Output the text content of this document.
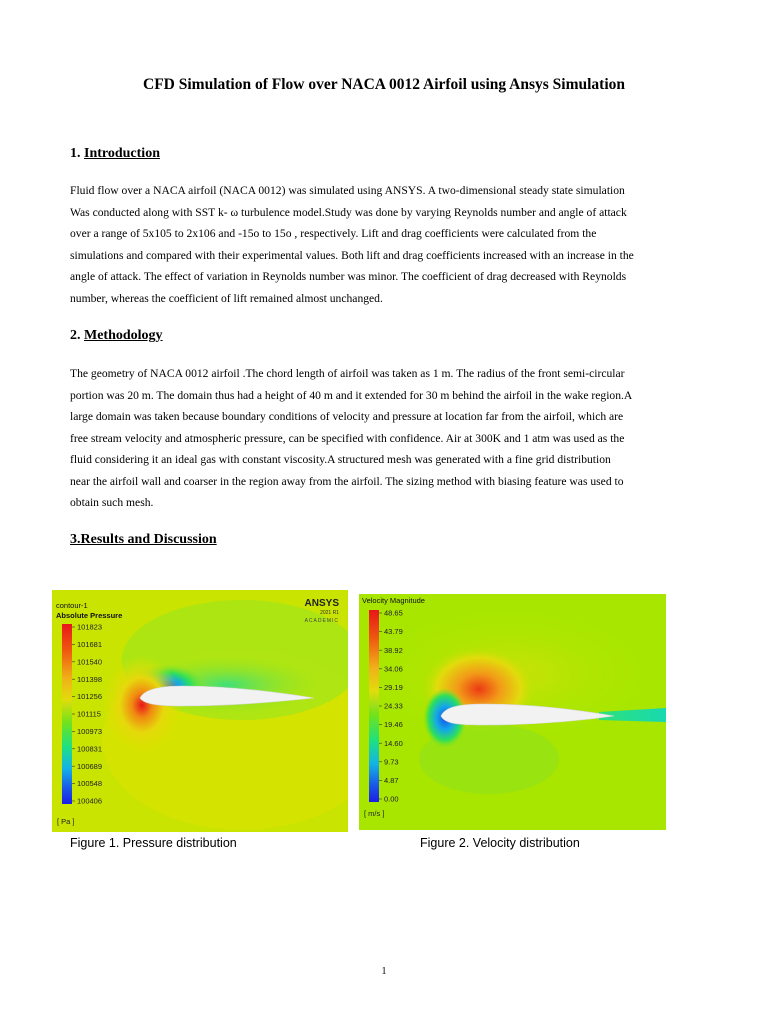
CFD Simulation of Flow over NACA 0012 Airfoil using Ansys Simulation
1. Introduction

Fluid flow over a NACA airfoil (NACA 0012) was simulated using ANSYS. A two-dimensional steady state simulation

Was conducted along with SST k- ω turbulence model.Study was done by varying Reynolds number and angle of attack

over a range of 5x105 to 2x106 and -15o to 15o , respectively. Lift and drag coefficients were calculated from the

simulations and compared with their experimental values. Both lift and drag coefficients increased with an increase in the

angle of attack. The effect of variation in Reynolds number was minor. The coefficient of drag decreased with Reynolds

number, whereas the coefficient of lift remained almost unchanged.

2. Methodology

The geometry of NACA 0012 airfoil .The chord length of airfoil was taken as 1 m. The radius of the front semi-circular

portion was 20 m. The domain thus had a height of 40 m and it extended for 30 m behind the airfoil in the wake region.A

large domain was taken because boundary conditions of velocity and pressure at location far from the airfoil, which are

free stream velocity and atmospheric pressure, can be specified with confidence. Air at 300K and 1 atm was used as the

fluid considering it an ideal gas with constant viscosity.A structured mesh was generated with a fine grid distribution

near the airfoil wall and coarser in the region away from the airfoil. The sizing method with biasing feature was used to

obtain such mesh.

3.Results and Discussion
101823
101681
101540
101398
101256
101115
100973
100831
100689
100548
100406
contour-1
Absolute Pressure
[ Pa ]
ANSYS
2021 R1
ACADEMIC
48.65
43.79
38.92
34.06
29.19
24.33
19.46
14.60
9.73
4.87
0.00
Velocity Magnitude
[ m/s ]
Figure 1. Pressure distribution	Figure 2. Velocity distribution
1
